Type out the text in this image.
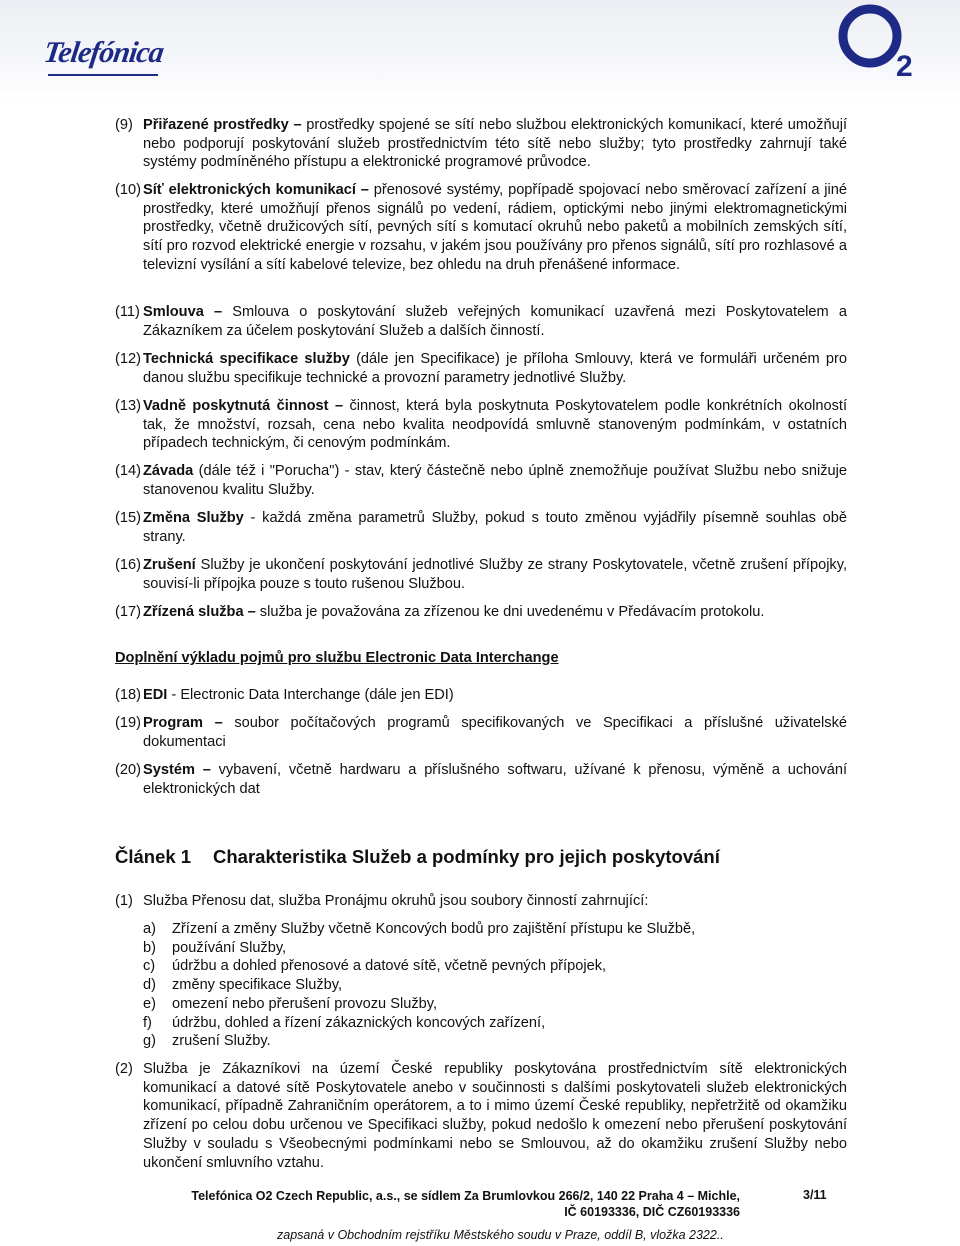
Telefónica	2
(9) Přiřazené prostředky – prostředky spojené se sítí nebo službou elektronických komunikací, které umožňují nebo podporují poskytování služeb prostřednictvím této sítě nebo služby; tyto prostředky zahrnují také systémy podmíněného přístupu a elektronické programové průvodce.
(10) Síť elektronických komunikací – přenosové systémy, popřípadě spojovací nebo směrovací zařízení a jiné prostředky, které umožňují přenos signálů po vedení, rádiem, optickými nebo jinými elektromagnetickými prostředky, včetně družicových sítí, pevných sítí s komutací okruhů nebo paketů a mobilních zemských sítí, sítí pro rozvod elektrické energie v rozsahu, v jakém jsou používány pro přenos signálů, sítí pro rozhlasové a televizní vysílání a sítí kabelové televize, bez ohledu na druh přenášené informace.
(11) Smlouva – Smlouva o poskytování služeb veřejných komunikací uzavřená mezi Poskytovatelem a Zákazníkem za účelem poskytování Služeb a dalších činností.
(12) Technická specifikace služby (dále jen Specifikace) je příloha Smlouvy, která ve formuláři určeném pro danou službu specifikuje technické a provozní parametry jednotlivé Služby.
(13) Vadně poskytnutá činnost – činnost, která byla poskytnuta Poskytovatelem podle konkrétních okolností tak, že množství, rozsah, cena nebo kvalita neodpovídá smluvně stanoveným podmínkám, v ostatních případech technickým, či cenovým podmínkám.
(14) Závada (dále též i "Porucha") - stav, který částečně nebo úplně znemožňuje používat Službu nebo snižuje stanovenou kvalitu Služby.
(15) Změna Služby - každá změna parametrů Služby, pokud s touto změnou vyjádřily písemně souhlas obě strany.
(16) Zrušení Služby je ukončení poskytování jednotlivé Služby ze strany Poskytovatele, včetně zrušení přípojky, souvisí-li přípojka pouze s touto rušenou Službou.
(17) Zřízená služba – služba je považována za zřízenou ke dni uvedenému v Předávacím protokolu.
Doplnění výkladu pojmů pro službu Electronic Data Interchange
(18) EDI - Electronic Data Interchange (dále jen EDI)
(19) Program – soubor počítačových programů specifikovaných ve Specifikaci a příslušné uživatelské dokumentaci
(20) Systém – vybavení, včetně hardwaru a příslušného softwaru, užívané k přenosu, výměně a uchování elektronických dat
Článek 1 Charakteristika Služeb a podmínky pro jejich poskytování
(1) Služba Přenosu dat, služba Pronájmu okruhů jsou soubory činností zahrnující:
a) Zřízení a změny Služby včetně Koncových bodů pro zajištění přístupu ke Službě,
b) používání Služby,
c) údržbu a dohled přenosové a datové sítě, včetně pevných přípojek,
d) změny specifikace Služby,
e) omezení nebo přerušení provozu Služby,
f) údržbu, dohled a řízení zákaznických koncových zařízení,
g) zrušení Služby.
(2) Služba je Zákazníkovi na území České republiky poskytována prostřednictvím sítě elektronických komunikací a datové sítě Poskytovatele anebo v součinnosti s dalšími poskytovateli služeb elektronických komunikací, případně Zahraničním operátorem, a to i mimo území České republiky, nepřetržitě od okamžiku zřízení po celou dobu určenou ve Specifikaci služby, pokud nedošlo k omezení nebo přerušení poskytování Služby v souladu s Všeobecnými podmínkami nebo se Smlouvou, až do okamžiku zrušení Služby nebo ukončení smluvního vztahu.
Telefónica O2 Czech Republic, a.s., se sídlem Za Brumlovkou 266/2, 140 22 Praha 4 – Michle,
IČ 60193336, DIČ CZ60193336
3/11
zapsaná v Obchodním rejstříku Městského soudu v Praze, oddíl B, vložka 2322..
